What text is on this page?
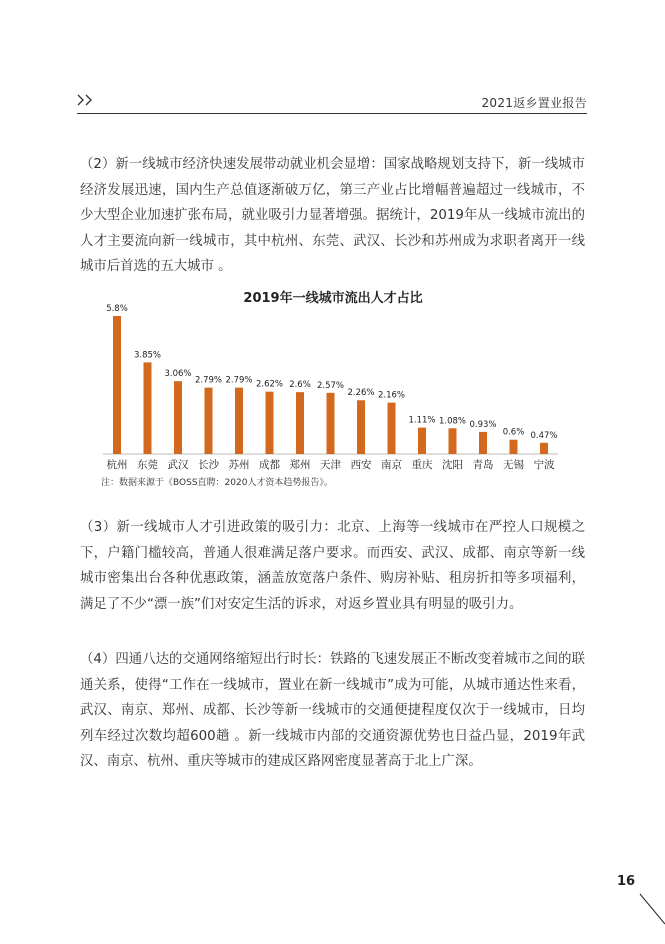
2021返乡置业报告

（2）新一线城市经济快速发展带动就业机会显增：国家战略规划支持下，新一线城市经济发展迅速，国内生产总值逐渐破万亿，第三产业占比增幅普遍超过一线城市，不少大型企业加速扩张布局，就业吸引力显著增强。据统计，2019年从一线城市流出的人才主要流向新一线城市，其中杭州、东莞、武汉、长沙和苏州成为求职者离开一线城市后首选的五大城市 。

2019年一线城市流出人才占比
5.8%
杭州
3.85%
东莞
3.06%
武汉
2.79%
长沙
2.79%
苏州
2.62%
成都
2.6%
郑州
2.57%
天津
2.26%
西安
2.16%
南京
1.11%
重庆
1.08%
沈阳
0.93%
青岛
0.6%
无锡
0.47%
宁波
注：数据来源于《BOSS直聘：2020人才资本趋势报告》。

（3）新一线城市人才引进政策的吸引力：北京、上海等一线城市在严控人口规模之下，户籍门槛较高，普通人很难满足落户要求。而西安、武汉、成都、南京等新一线城市密集出台各种优惠政策，涵盖放宽落户条件、购房补贴、租房折扣等多项福利，满足了不少“漂一族”们对安定生活的诉求，对返乡置业具有明显的吸引力。

（4）四通八达的交通网络缩短出行时长：铁路的飞速发展正不断改变着城市之间的联通关系，使得“工作在一线城市，置业在新一线城市”成为可能，从城市通达性来看，武汉、南京、郑州、成都、长沙等新一线城市的交通便捷程度仅次于一线城市，日均列车经过次数均超600趟 。新一线城市内部的交通资源优势也日益凸显，2019年武汉、南京、杭州、重庆等城市的建成区路网密度显著高于北上广深。

16
